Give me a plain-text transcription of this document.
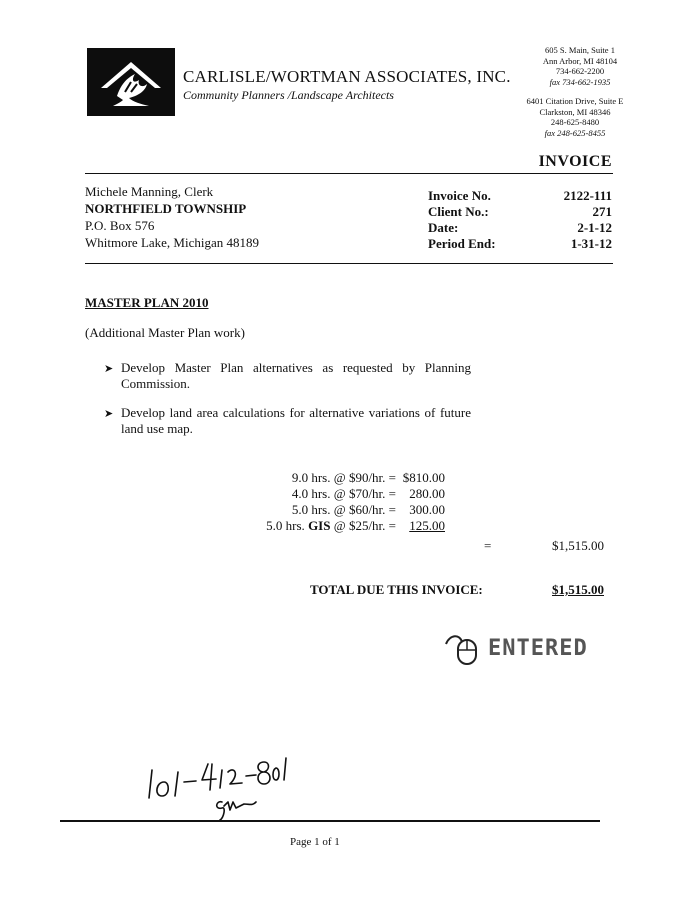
CARLISLE/WORTMAN ASSOCIATES, INC.
Community Planners /Landscape Architects
605 S. Main, Suite 1
Ann Arbor, MI 48104
734-662-2200
fax 734-662-1935
6401 Citation Drive, Suite E
Clarkston, MI 48346
248-625-8480
fax 248-625-8455
INVOICE
Michele Manning, Clerk
NORTHFIELD TOWNSHIP
P.O. Box 576
Whitmore Lake, Michigan 48189
Invoice No.	2122-111
Client No.:	271
Date:	2-1-12
Period End:	1-31-12
MASTER PLAN 2010
(Additional Master Plan work)
➤ Develop Master Plan alternatives as requested by Planning Commission.
➤ Develop land area calculations for alternative variations of future land use map.
9.0 hrs. @ $90/hr. = $810.00
4.0 hrs. @ $70/hr. =	280.00
5.0 hrs. @ $60/hr. =	300.00
5.0 hrs. GIS @ $25/hr. =	125.00
=	$1,515.00
TOTAL DUE THIS INVOICE:	$1,515.00
ENTERED
Page 1 of 1
